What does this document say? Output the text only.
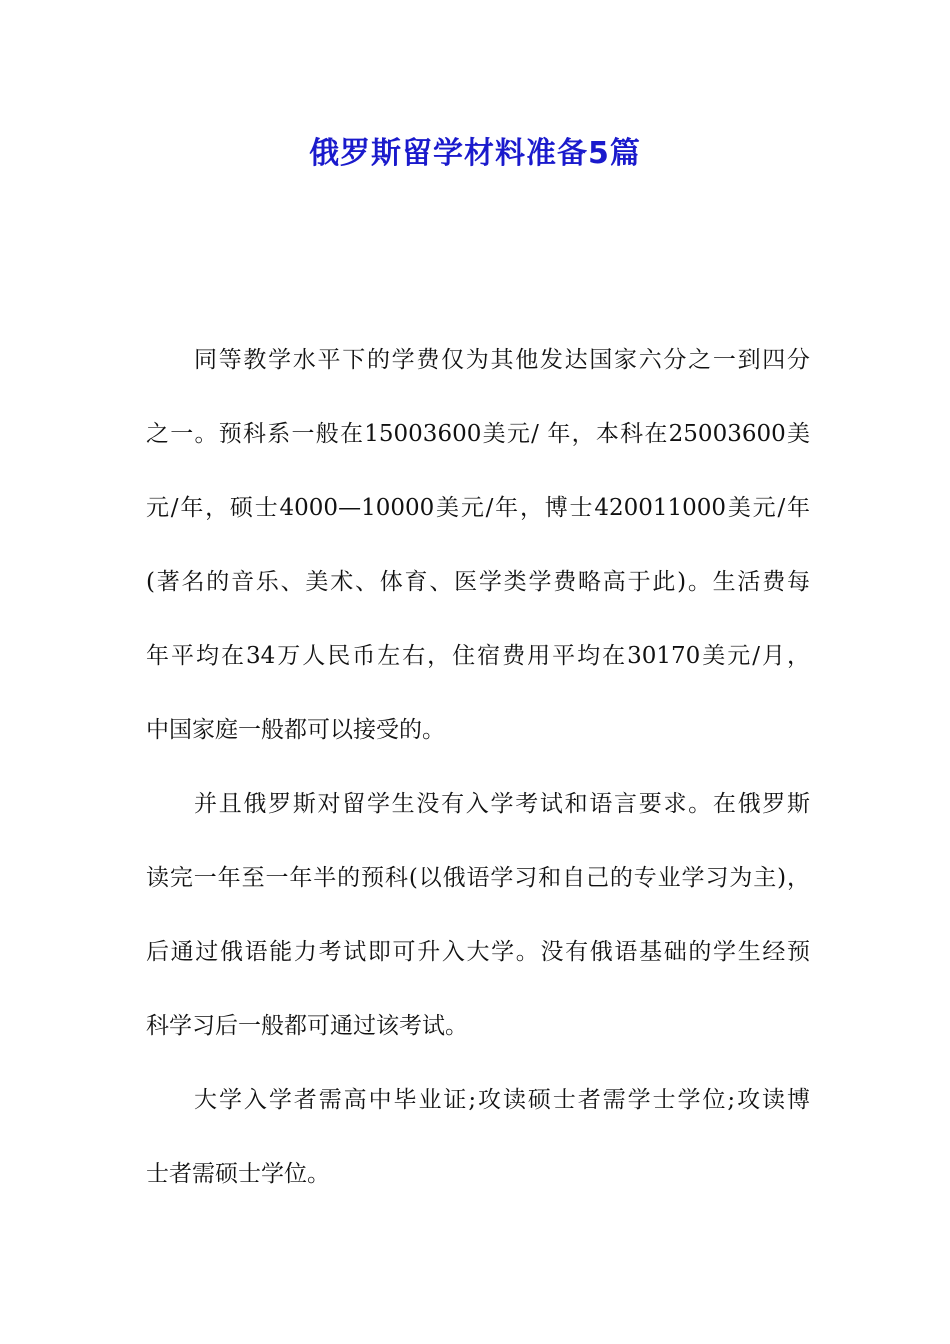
俄罗斯留学材料准备5篇
同等教学水平下的学费仅为其他发达国家六分之一到四分
之一。预科系一般在15003600美元/ 年，本科在25003600美
元/年，硕士4000—10000美元/年，博士420011000美元/年
(著名的音乐、美术、体育、医学类学费略高于此)。生活费每
年平均在34万人民币左右，住宿费用平均在30170美元/月，
中国家庭一般都可以接受的。
并且俄罗斯对留学生没有入学考试和语言要求。在俄罗斯
读完一年至一年半的预科(以俄语学习和自己的专业学习为主)，
后通过俄语能力考试即可升入大学。没有俄语基础的学生经预
科学习后一般都可通过该考试。
大学入学者需高中毕业证;攻读硕士者需学士学位;攻读博
士者需硕士学位。
